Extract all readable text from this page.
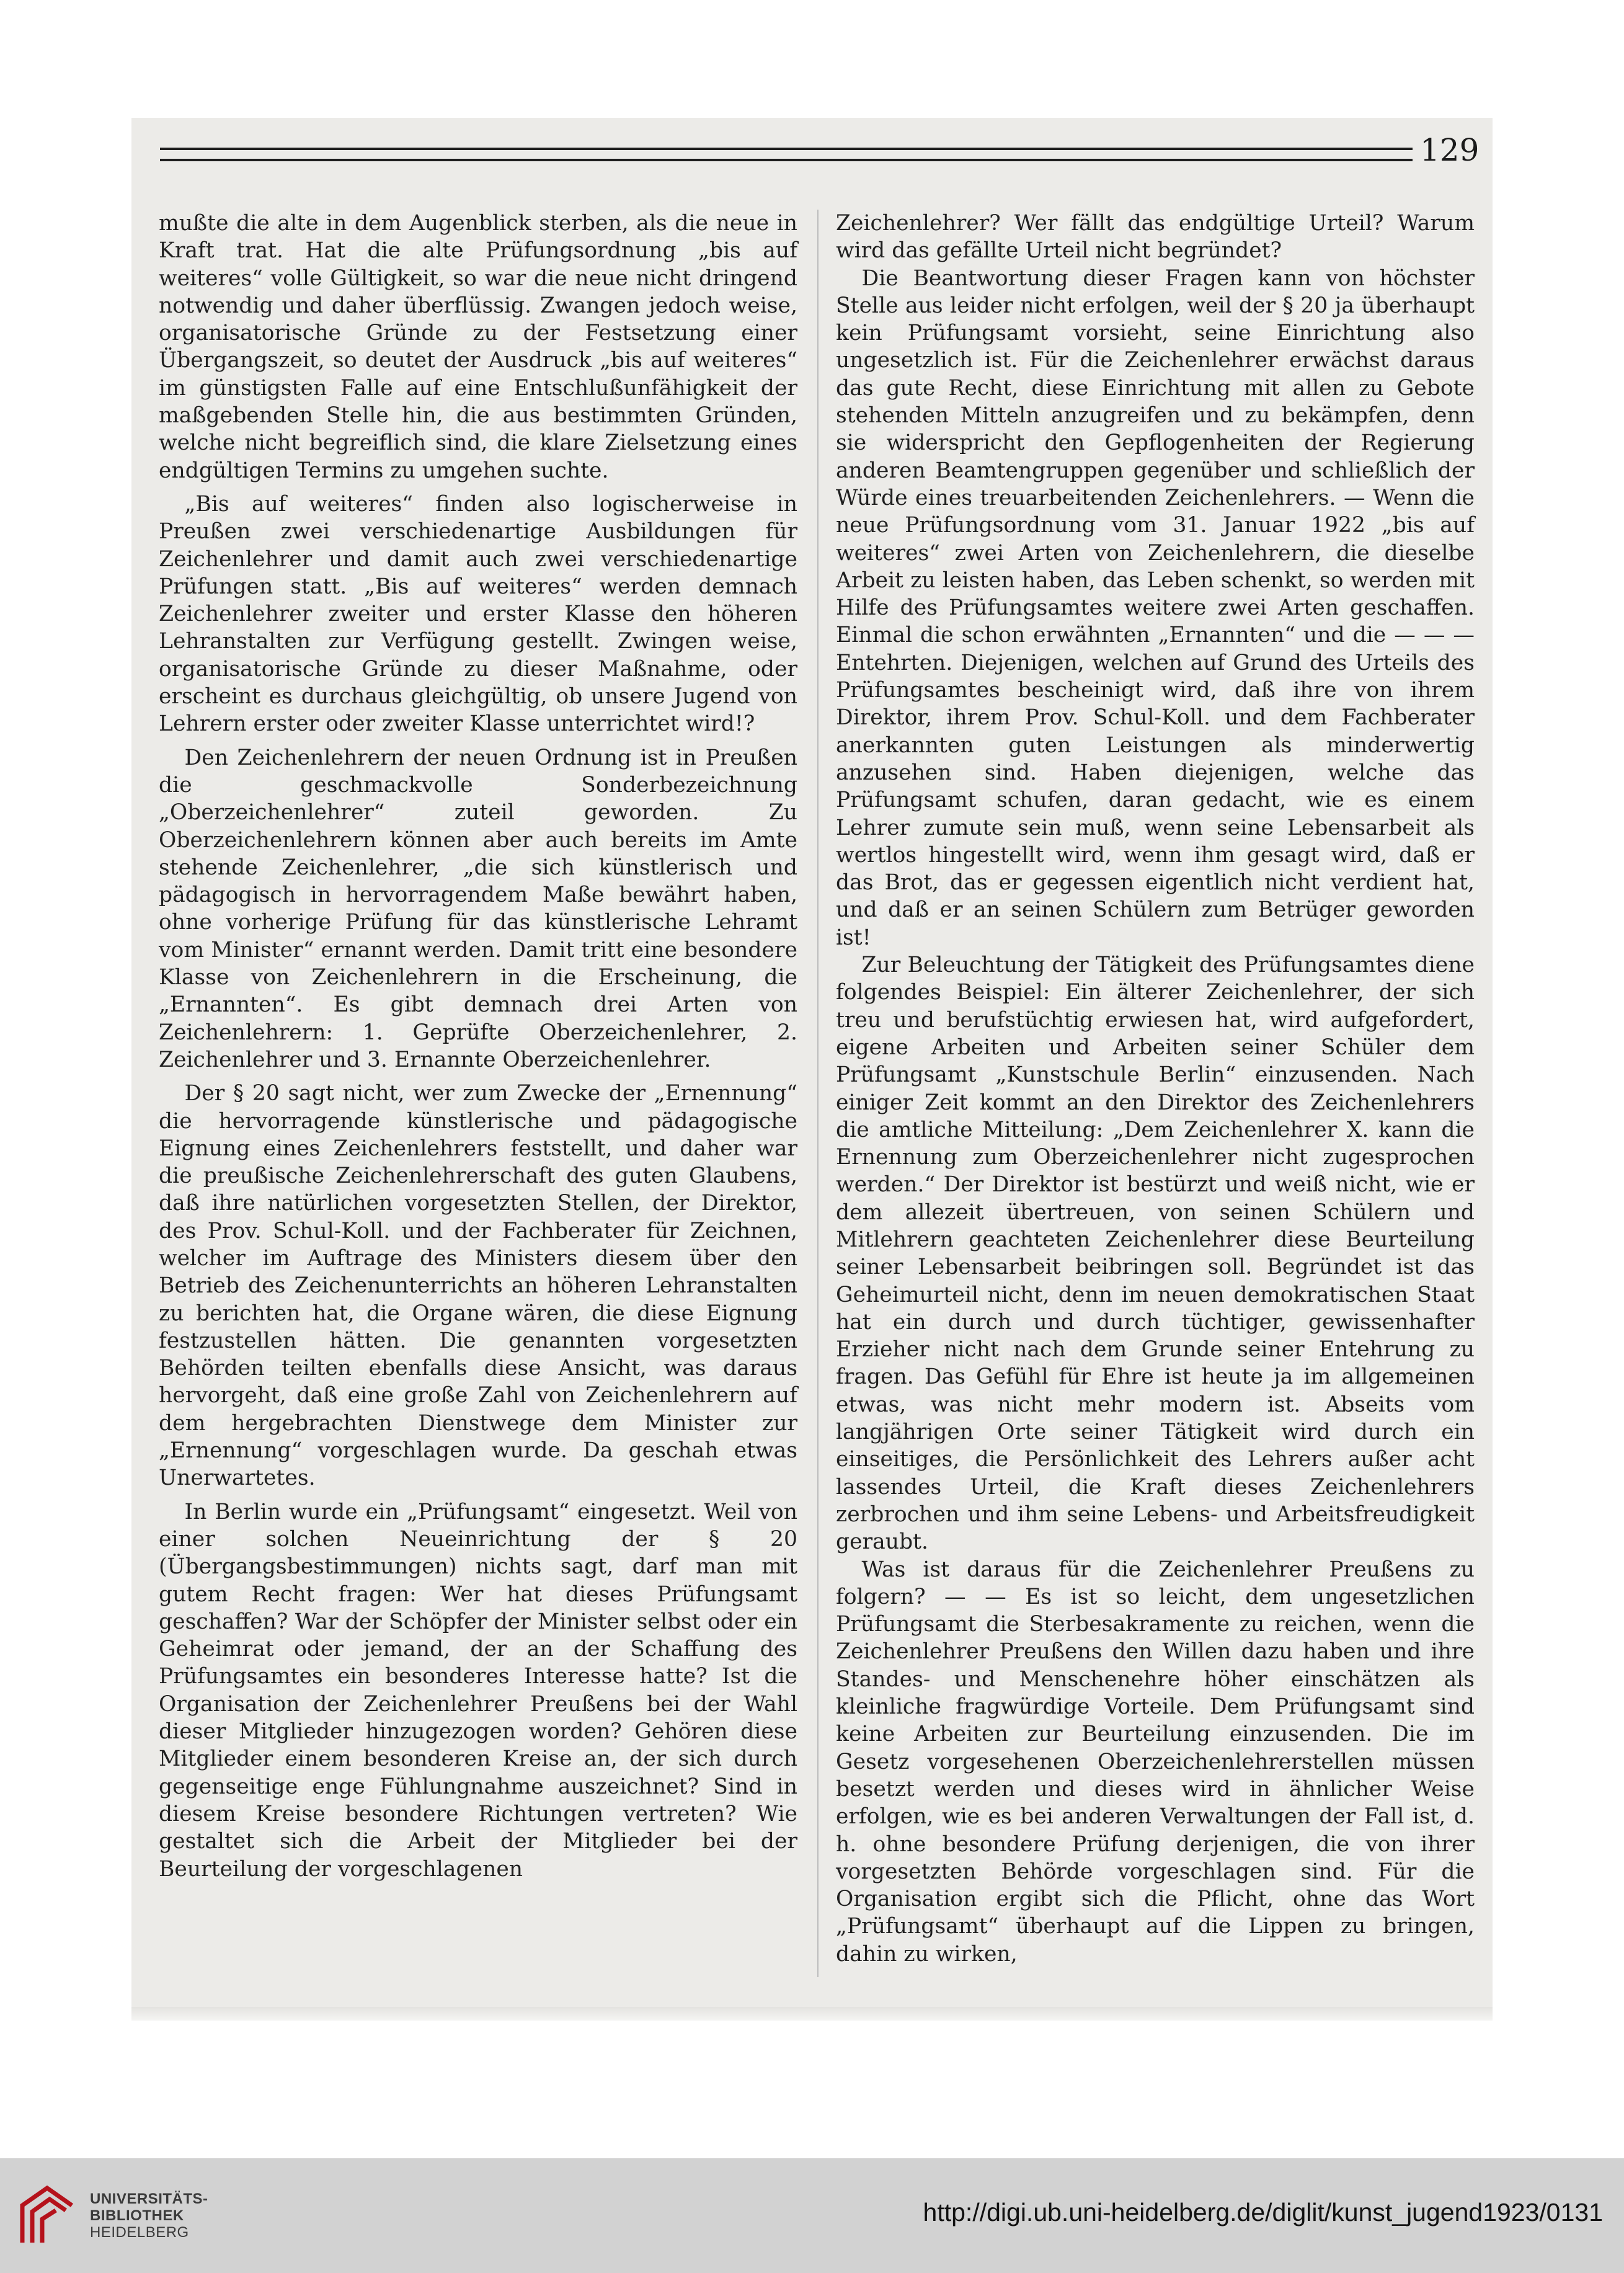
129

mußte die alte in dem Augenblick sterben, als die neue in Kraft trat. Hat die alte Prüfungsordnung „bis auf weiteres“ volle Gültigkeit, so war die neue nicht dringend notwendig und daher überflüssig. Zwangen jedoch weise, organisatorische Gründe zu der Festsetzung einer Übergangszeit, so deutet der Ausdruck „bis auf weiteres“ im günstigsten Falle auf eine Entschlußunfähigkeit der maßgebenden Stelle hin, die aus bestimmten Gründen, welche nicht begreiflich sind, die klare Zielsetzung eines endgültigen Termins zu umgehen suchte.

„Bis auf weiteres“ finden also logischerweise in Preußen zwei verschiedenartige Ausbildungen für Zeichenlehrer und damit auch zwei verschiedenartige Prüfungen statt. „Bis auf weiteres“ werden demnach Zeichenlehrer zweiter und erster Klasse den höheren Lehranstalten zur Verfügung gestellt. Zwingen weise, organisatorische Gründe zu dieser Maßnahme, oder erscheint es durchaus gleichgültig, ob unsere Jugend von Lehrern erster oder zweiter Klasse unterrichtet wird!?

Den Zeichenlehrern der neuen Ordnung ist in Preußen die geschmackvolle Sonderbezeichnung „Oberzeichenlehrer“ zuteil geworden. Zu Oberzeichenlehrern können aber auch bereits im Amte stehende Zeichenlehrer, „die sich künstlerisch und pädagogisch in hervorragendem Maße bewährt haben, ohne vorherige Prüfung für das künstlerische Lehramt vom Minister“ ernannt werden. Damit tritt eine besondere Klasse von Zeichenlehrern in die Erscheinung, die „Ernannten“. Es gibt demnach drei Arten von Zeichenlehrern: 1. Geprüfte Oberzeichenlehrer, 2. Zeichenlehrer und 3. Ernannte Oberzeichenlehrer.

Der § 20 sagt nicht, wer zum Zwecke der „Ernennung“ die hervorragende künstlerische und pädagogische Eignung eines Zeichenlehrers feststellt, und daher war die preußische Zeichenlehrerschaft des guten Glaubens, daß ihre natürlichen vorgesetzten Stellen, der Direktor, des Prov. Schul-Koll. und der Fachberater für Zeichnen, welcher im Auftrage des Ministers diesem über den Betrieb des Zeichenunterrichts an höheren Lehranstalten zu berichten hat, die Organe wären, die diese Eignung festzustellen hätten. Die genannten vorgesetzten Behörden teilten ebenfalls diese Ansicht, was daraus hervorgeht, daß eine große Zahl von Zeichenlehrern auf dem hergebrachten Dienstwege dem Minister zur „Ernennung“ vorgeschlagen wurde. Da geschah etwas Unerwartetes.

In Berlin wurde ein „Prüfungsamt“ eingesetzt. Weil von einer solchen Neueinrichtung der § 20 (Übergangsbestimmungen) nichts sagt, darf man mit gutem Recht fragen: Wer hat dieses Prüfungsamt geschaffen? War der Schöpfer der Minister selbst oder ein Geheimrat oder jemand, der an der Schaffung des Prüfungsamtes ein besonderes Interesse hatte? Ist die Organisation der Zeichenlehrer Preußens bei der Wahl dieser Mitglieder hinzugezogen worden? Gehören diese Mitglieder einem besonderen Kreise an, der sich durch gegenseitige enge Fühlungnahme auszeichnet? Sind in diesem Kreise besondere Richtungen vertreten? Wie gestaltet sich die Arbeit der Mitglieder bei der Beurteilung der vorgeschlagenen

Zeichenlehrer? Wer fällt das endgültige Urteil? Warum wird das gefällte Urteil nicht begründet?

Die Beantwortung dieser Fragen kann von höchster Stelle aus leider nicht erfolgen, weil der § 20 ja überhaupt kein Prüfungsamt vorsieht, seine Einrichtung also ungesetzlich ist. Für die Zeichenlehrer erwächst daraus das gute Recht, diese Einrichtung mit allen zu Gebote stehenden Mitteln anzugreifen und zu bekämpfen, denn sie widerspricht den Gepflogenheiten der Regierung anderen Beamtengruppen gegenüber und schließlich der Würde eines treuarbeitenden Zeichenlehrers. — Wenn die neue Prüfungsordnung vom 31. Januar 1922 „bis auf weiteres“ zwei Arten von Zeichenlehrern, die dieselbe Arbeit zu leisten haben, das Leben schenkt, so werden mit Hilfe des Prüfungsamtes weitere zwei Arten geschaffen. Einmal die schon erwähnten „Ernannten“ und die — — — Entehrten. Diejenigen, welchen auf Grund des Urteils des Prüfungsamtes bescheinigt wird, daß ihre von ihrem Direktor, ihrem Prov. Schul-Koll. und dem Fachberater anerkannten guten Leistungen als minderwertig anzusehen sind. Haben diejenigen, welche das Prüfungsamt schufen, daran gedacht, wie es einem Lehrer zumute sein muß, wenn seine Lebensarbeit als wertlos hingestellt wird, wenn ihm gesagt wird, daß er das Brot, das er gegessen eigentlich nicht verdient hat, und daß er an seinen Schülern zum Betrüger geworden ist!

Zur Beleuchtung der Tätigkeit des Prüfungsamtes diene folgendes Beispiel: Ein älterer Zeichenlehrer, der sich treu und berufstüchtig erwiesen hat, wird aufgefordert, eigene Arbeiten und Arbeiten seiner Schüler dem Prüfungsamt „Kunstschule Berlin“ einzusenden. Nach einiger Zeit kommt an den Direktor des Zeichenlehrers die amtliche Mitteilung: „Dem Zeichenlehrer X. kann die Ernennung zum Oberzeichenlehrer nicht zugesprochen werden.“ Der Direktor ist bestürzt und weiß nicht, wie er dem allezeit übertreuen, von seinen Schülern und Mitlehrern geachteten Zeichenlehrer diese Beurteilung seiner Lebensarbeit beibringen soll. Begründet ist das Geheimurteil nicht, denn im neuen demokratischen Staat hat ein durch und durch tüchtiger, gewissenhafter Erzieher nicht nach dem Grunde seiner Entehrung zu fragen. Das Gefühl für Ehre ist heute ja im allgemeinen etwas, was nicht mehr modern ist. Abseits vom langjährigen Orte seiner Tätigkeit wird durch ein einseitiges, die Persönlichkeit des Lehrers außer acht lassendes Urteil, die Kraft dieses Zeichenlehrers zerbrochen und ihm seine Lebens- und Arbeitsfreudigkeit geraubt.

Was ist daraus für die Zeichenlehrer Preußens zu folgern? — — Es ist so leicht, dem ungesetzlichen Prüfungsamt die Sterbesakramente zu reichen, wenn die Zeichenlehrer Preußens den Willen dazu haben und ihre Standes- und Menschenehre höher einschätzen als kleinliche fragwürdige Vorteile. Dem Prüfungsamt sind keine Arbeiten zur Beurteilung einzusenden. Die im Gesetz vorgesehenen Oberzeichenlehrerstellen müssen besetzt werden und dieses wird in ähnlicher Weise erfolgen, wie es bei anderen Verwaltungen der Fall ist, d. h. ohne besondere Prüfung derjenigen, die von ihrer vorgesetzten Behörde vorgeschlagen sind. Für die Organisation ergibt sich die Pflicht, ohne das Wort „Prüfungsamt“ überhaupt auf die Lippen zu bringen, dahin zu wirken,

UNIVERSITÄTS-
BIBLIOTHEK
HEIDELBERG
http://digi.ub.uni-heidelberg.de/diglit/kunst_jugend1923/0131
